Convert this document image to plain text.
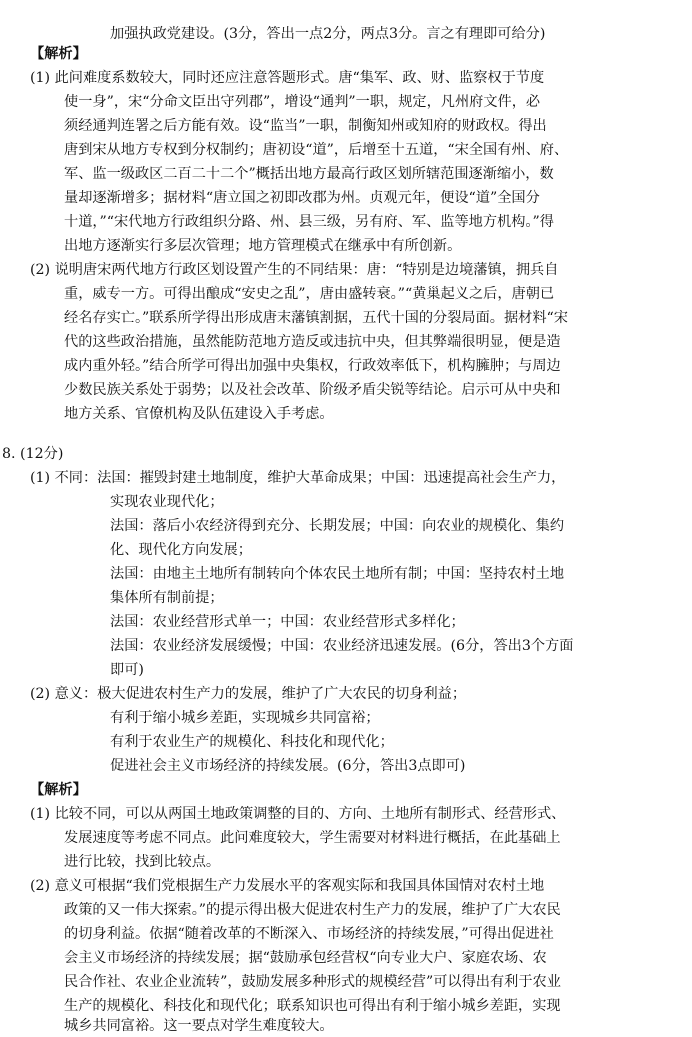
加强执政党建设。(3分，答出一点2分，两点3分。言之有理即可给分)
【解析】
(1) 此问难度系数较大，同时还应注意答题形式。唐“集军、政、财、监察权于节度
使一身”，宋“分命文臣出守列郡”，增设“通判”一职，规定，凡州府文件，必
须经通判连署之后方能有效。设“监当”一职，制衡知州或知府的财政权。得出
唐到宋从地方专权到分权制约；唐初设“道”，后增至十五道，“宋全国有州、府、
军、监一级政区二百二十二个”概括出地方最高行政区划所辖范围逐渐缩小，数
量却逐渐增多；据材料“唐立国之初即改郡为州。贞观元年，便设“道”全国分
十道，”“宋代地方行政组织分路、州、县三级，另有府、军、监等地方机构。”得
出地方逐渐实行多层次管理；地方管理模式在继承中有所创新。
(2) 说明唐宋两代地方行政区划设置产生的不同结果：唐：“特别是边境藩镇，拥兵自
重，威专一方。可得出酿成“安史之乱”，唐由盛转衰。”“黄巢起义之后，唐朝已
经名存实亡。”联系所学得出形成唐末藩镇割据，五代十国的分裂局面。据材料“宋
代的这些政治措施，虽然能防范地方造反或违抗中央，但其弊端很明显，便是造
成内重外轻。”结合所学可得出加强中央集权，行政效率低下，机构臃肿；与周边
少数民族关系处于弱势；以及社会改革、阶级矛盾尖锐等结论。启示可从中央和
地方关系、官僚机构及队伍建设入手考虑。
8. (12分)
(1) 不同：法国：摧毁封建土地制度，维护大革命成果；中国：迅速提高社会生产力，
实现农业现代化；
法国：落后小农经济得到充分、长期发展；中国：向农业的规模化、集约
化、现代化方向发展；
法国：由地主土地所有制转向个体农民土地所有制；中国：坚持农村土地
集体所有制前提；
法国：农业经营形式单一；中国：农业经营形式多样化；
法国：农业经济发展缓慢；中国：农业经济迅速发展。(6分，答出3个方面
即可)
(2) 意义：极大促进农村生产力的发展，维护了广大农民的切身利益；
有利于缩小城乡差距，实现城乡共同富裕；
有利于农业生产的规模化、科技化和现代化；
促进社会主义市场经济的持续发展。(6分，答出3点即可)
【解析】
(1) 比较不同，可以从两国土地政策调整的目的、方向、土地所有制形式、经营形式、
发展速度等考虑不同点。此问难度较大，学生需要对材料进行概括，在此基础上
进行比较，找到比较点。
(2) 意义可根据“我们党根据生产力发展水平的客观实际和我国具体国情对农村土地
政策的又一伟大探索。”的提示得出极大促进农村生产力的发展，维护了广大农民
的切身利益。依据“随着改革的不断深入、市场经济的持续发展，”可得出促进社
会主义市场经济的持续发展；据“鼓励承包经营权“向专业大户、家庭农场、农
民合作社、农业企业流转”，鼓励发展多种形式的规模经营”可以得出有利于农业
生产的规模化、科技化和现代化；联系知识也可得出有利于缩小城乡差距，实现
城乡共同富裕。这一要点对学生难度较大。
